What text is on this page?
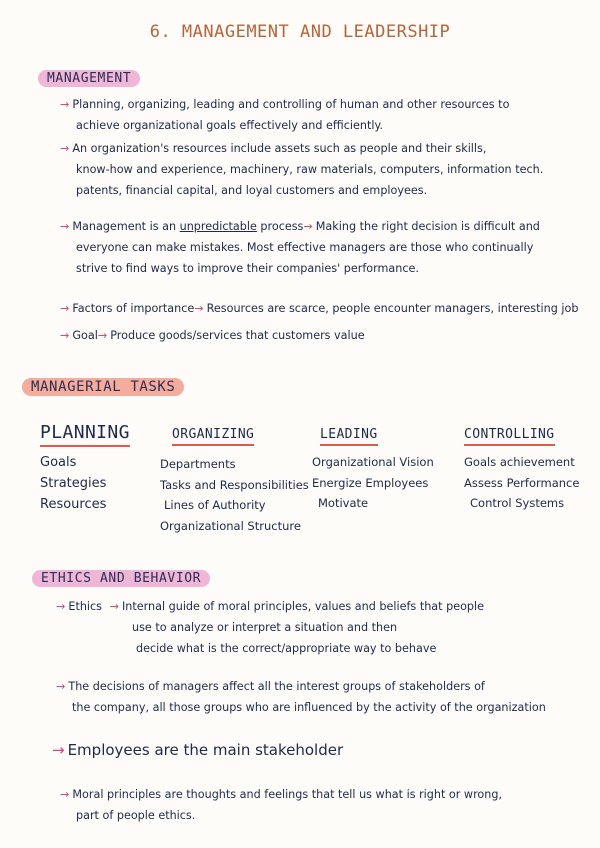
6. MANAGEMENT AND LEADERSHIP
MANAGEMENT
→ Planning, organizing, leading and controlling of human and other resources to
achieve organizational goals effectively and efficiently.
→ An organization's resources include assets such as people and their skills,
know-how and experience, machinery, raw materials, computers, information tech.
patents, financial capital, and loyal customers and employees.
→ Management is an unpredictable process→ Making the right decision is difficult and
everyone can make mistakes. Most effective managers are those who continually
strive to find ways to improve their companies' performance.
→ Factors of importance→ Resources are scarce, people encounter managers, interesting job
→ Goal→ Produce goods/services that customers value
MANAGERIAL TASKS
PLANNING
Goals
Strategies
Resources
ORGANIZING
Departments
Tasks and Responsibilities
Lines of Authority
Organizational Structure
LEADING
Organizational Vision
Energize Employees
Motivate
CONTROLLING
Goals achievement
Assess Performance
Control Systems
ETHICS AND BEHAVIOR
→ Ethics → Internal guide of moral principles, values and beliefs that people
use to analyze or interpret a situation and then
decide what is the correct/appropriate way to behave
→ The decisions of managers affect all the interest groups of stakeholders of
the company, all those groups who are influenced by the activity of the organization
→ Employees are the main stakeholder
→ Moral principles are thoughts and feelings that tell us what is right or wrong,
part of people ethics.
